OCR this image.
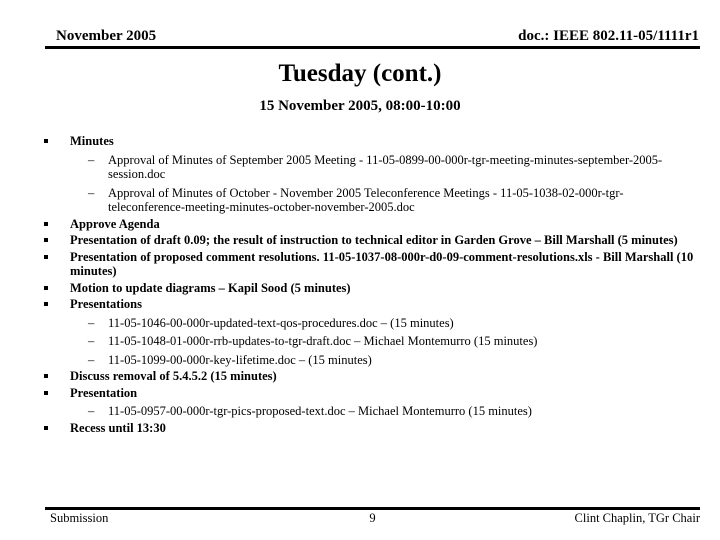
November 2005	doc.: IEEE 802.11-05/1111r1
Tuesday (cont.)
15 November 2005, 08:00-10:00
Minutes
–	Approval of Minutes of September 2005 Meeting - 11-05-0899-00-000r-tgr-meeting-minutes-september-2005-session.doc
–	Approval of Minutes of October - November 2005 Teleconference Meetings - 11-05-1038-02-000r-tgr-teleconference-meeting-minutes-october-november-2005.doc
Approve Agenda
Presentation of draft 0.09; the result of instruction to technical editor in Garden Grove – Bill Marshall (5 minutes)
Presentation of proposed comment resolutions. 11-05-1037-08-000r-d0-09-comment-resolutions.xls - Bill Marshall (10 minutes)
Motion to update diagrams – Kapil Sood (5 minutes)
Presentations
–	11-05-1046-00-000r-updated-text-qos-procedures.doc – (15 minutes)
–	11-05-1048-01-000r-rrb-updates-to-tgr-draft.doc – Michael Montemurro (15 minutes)
–	11-05-1099-00-000r-key-lifetime.doc – (15 minutes)
Discuss removal of 5.4.5.2 (15 minutes)
Presentation
–	11-05-0957-00-000r-tgr-pics-proposed-text.doc – Michael Montemurro (15 minutes)
Recess until 13:30
Submission	9	Clint Chaplin, TGr Chair
